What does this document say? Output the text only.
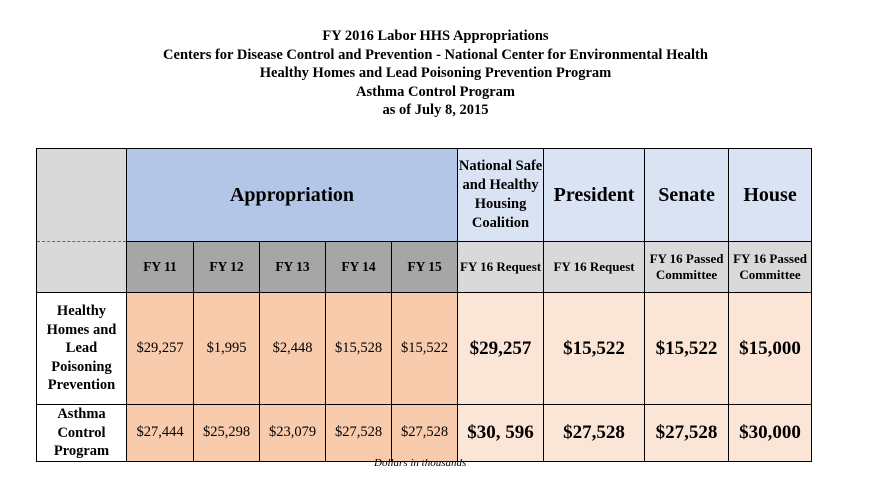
FY 2016 Labor HHS Appropriations
Centers for Disease Control and Prevention - National Center for Environmental Health
Healthy Homes and Lead Poisoning Prevention Program
Asthma Control Program
as of July 8, 2015
	Appropriation					National Safe and Healthy Housing Coalition	President	Senate	House
	FY 11	FY 12	FY 13	FY 14	FY 15	FY 16 Request	FY 16 Request	FY 16 Passed Committee	FY 16 Passed Committee
Healthy Homes and Lead Poisoning Prevention	$29,257	$1,995	$2,448	$15,528	$15,522	$29,257	$15,522	$15,522	$15,000
Asthma Control Program	$27,444	$25,298	$23,079	$27,528	$27,528	$30, 596	$27,528	$27,528	$30,000
Dollars in thousands
